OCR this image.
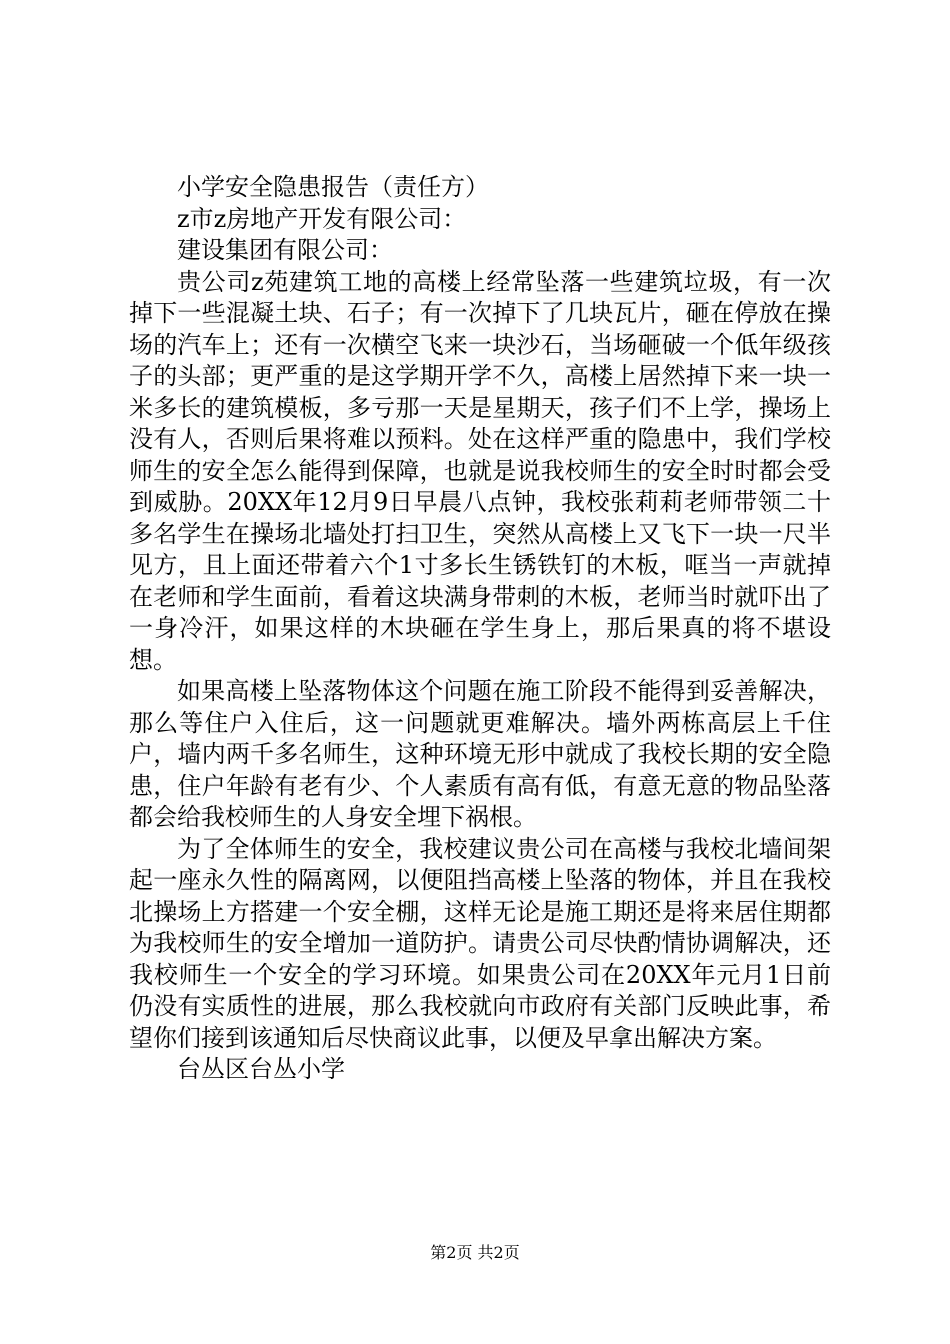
小学安全隐患报告（责任方）

z市z房地产开发有限公司：

建设集团有限公司：

贵公司z苑建筑工地的高楼上经常坠落一些建筑垃圾，有一次掉下一些混凝土块、石子；有一次掉下了几块瓦片，砸在停放在操场的汽车上；还有一次横空飞来一块沙石，当场砸破一个低年级孩子的头部；更严重的是这学期开学不久，高楼上居然掉下来一块一米多长的建筑模板，多亏那一天是星期天，孩子们不上学，操场上没有人，否则后果将难以预料。处在这样严重的隐患中，我们学校师生的安全怎么能得到保障，也就是说我校师生的安全时时都会受到威胁。20XX年12月9日早晨八点钟，我校张莉莉老师带领二十多名学生在操场北墙处打扫卫生，突然从高楼上又飞下一块一尺半见方，且上面还带着六个1寸多长生锈铁钉的木板，哐当一声就掉在老师和学生面前，看着这块满身带刺的木板，老师当时就吓出了一身冷汗，如果这样的木块砸在学生身上，那后果真的将不堪设想。

如果高楼上坠落物体这个问题在施工阶段不能得到妥善解决，那么等住户入住后，这一问题就更难解决。墙外两栋高层上千住户，墙内两千多名师生，这种环境无形中就成了我校长期的安全隐患，住户年龄有老有少、个人素质有高有低，有意无意的物品坠落都会给我校师生的人身安全埋下祸根。

为了全体师生的安全，我校建议贵公司在高楼与我校北墙间架起一座永久性的隔离网，以便阻挡高楼上坠落的物体，并且在我校北操场上方搭建一个安全棚，这样无论是施工期还是将来居住期都为我校师生的安全增加一道防护。请贵公司尽快酌情协调解决，还我校师生一个安全的学习环境。如果贵公司在20XX年元月1日前仍没有实质性的进展，那么我校就向市政府有关部门反映此事，希望你们接到该通知后尽快商议此事，以便及早拿出解决方案。

台丛区台丛小学

第2页 共2页
